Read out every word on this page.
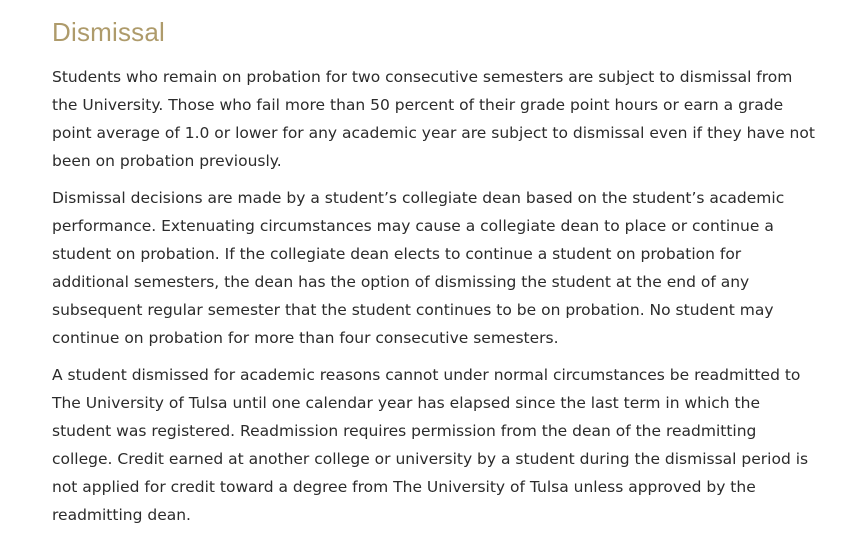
Dismissal

Students who remain on probation for two consecutive semesters are subject to dismissal from the University. Those who fail more than 50 percent of their grade point hours or earn a grade point average of 1.0 or lower for any academic year are subject to dismissal even if they have not been on probation previously.

Dismissal decisions are made by a student’s collegiate dean based on the student’s academic performance. Extenuating circumstances may cause a collegiate dean to place or continue a student on probation. If the collegiate dean elects to continue a student on probation for additional semesters, the dean has the option of dismissing the student at the end of any subsequent regular semester that the student continues to be on probation. No student may continue on probation for more than four consecutive semesters.

A student dismissed for academic reasons cannot under normal circumstances be readmitted to The University of Tulsa until one calendar year has elapsed since the last term in which the student was registered. Readmission requires permission from the dean of the readmitting college. Credit earned at another college or university by a student during the dismissal period is not applied for credit toward a degree from The University of Tulsa unless approved by the readmitting dean.
